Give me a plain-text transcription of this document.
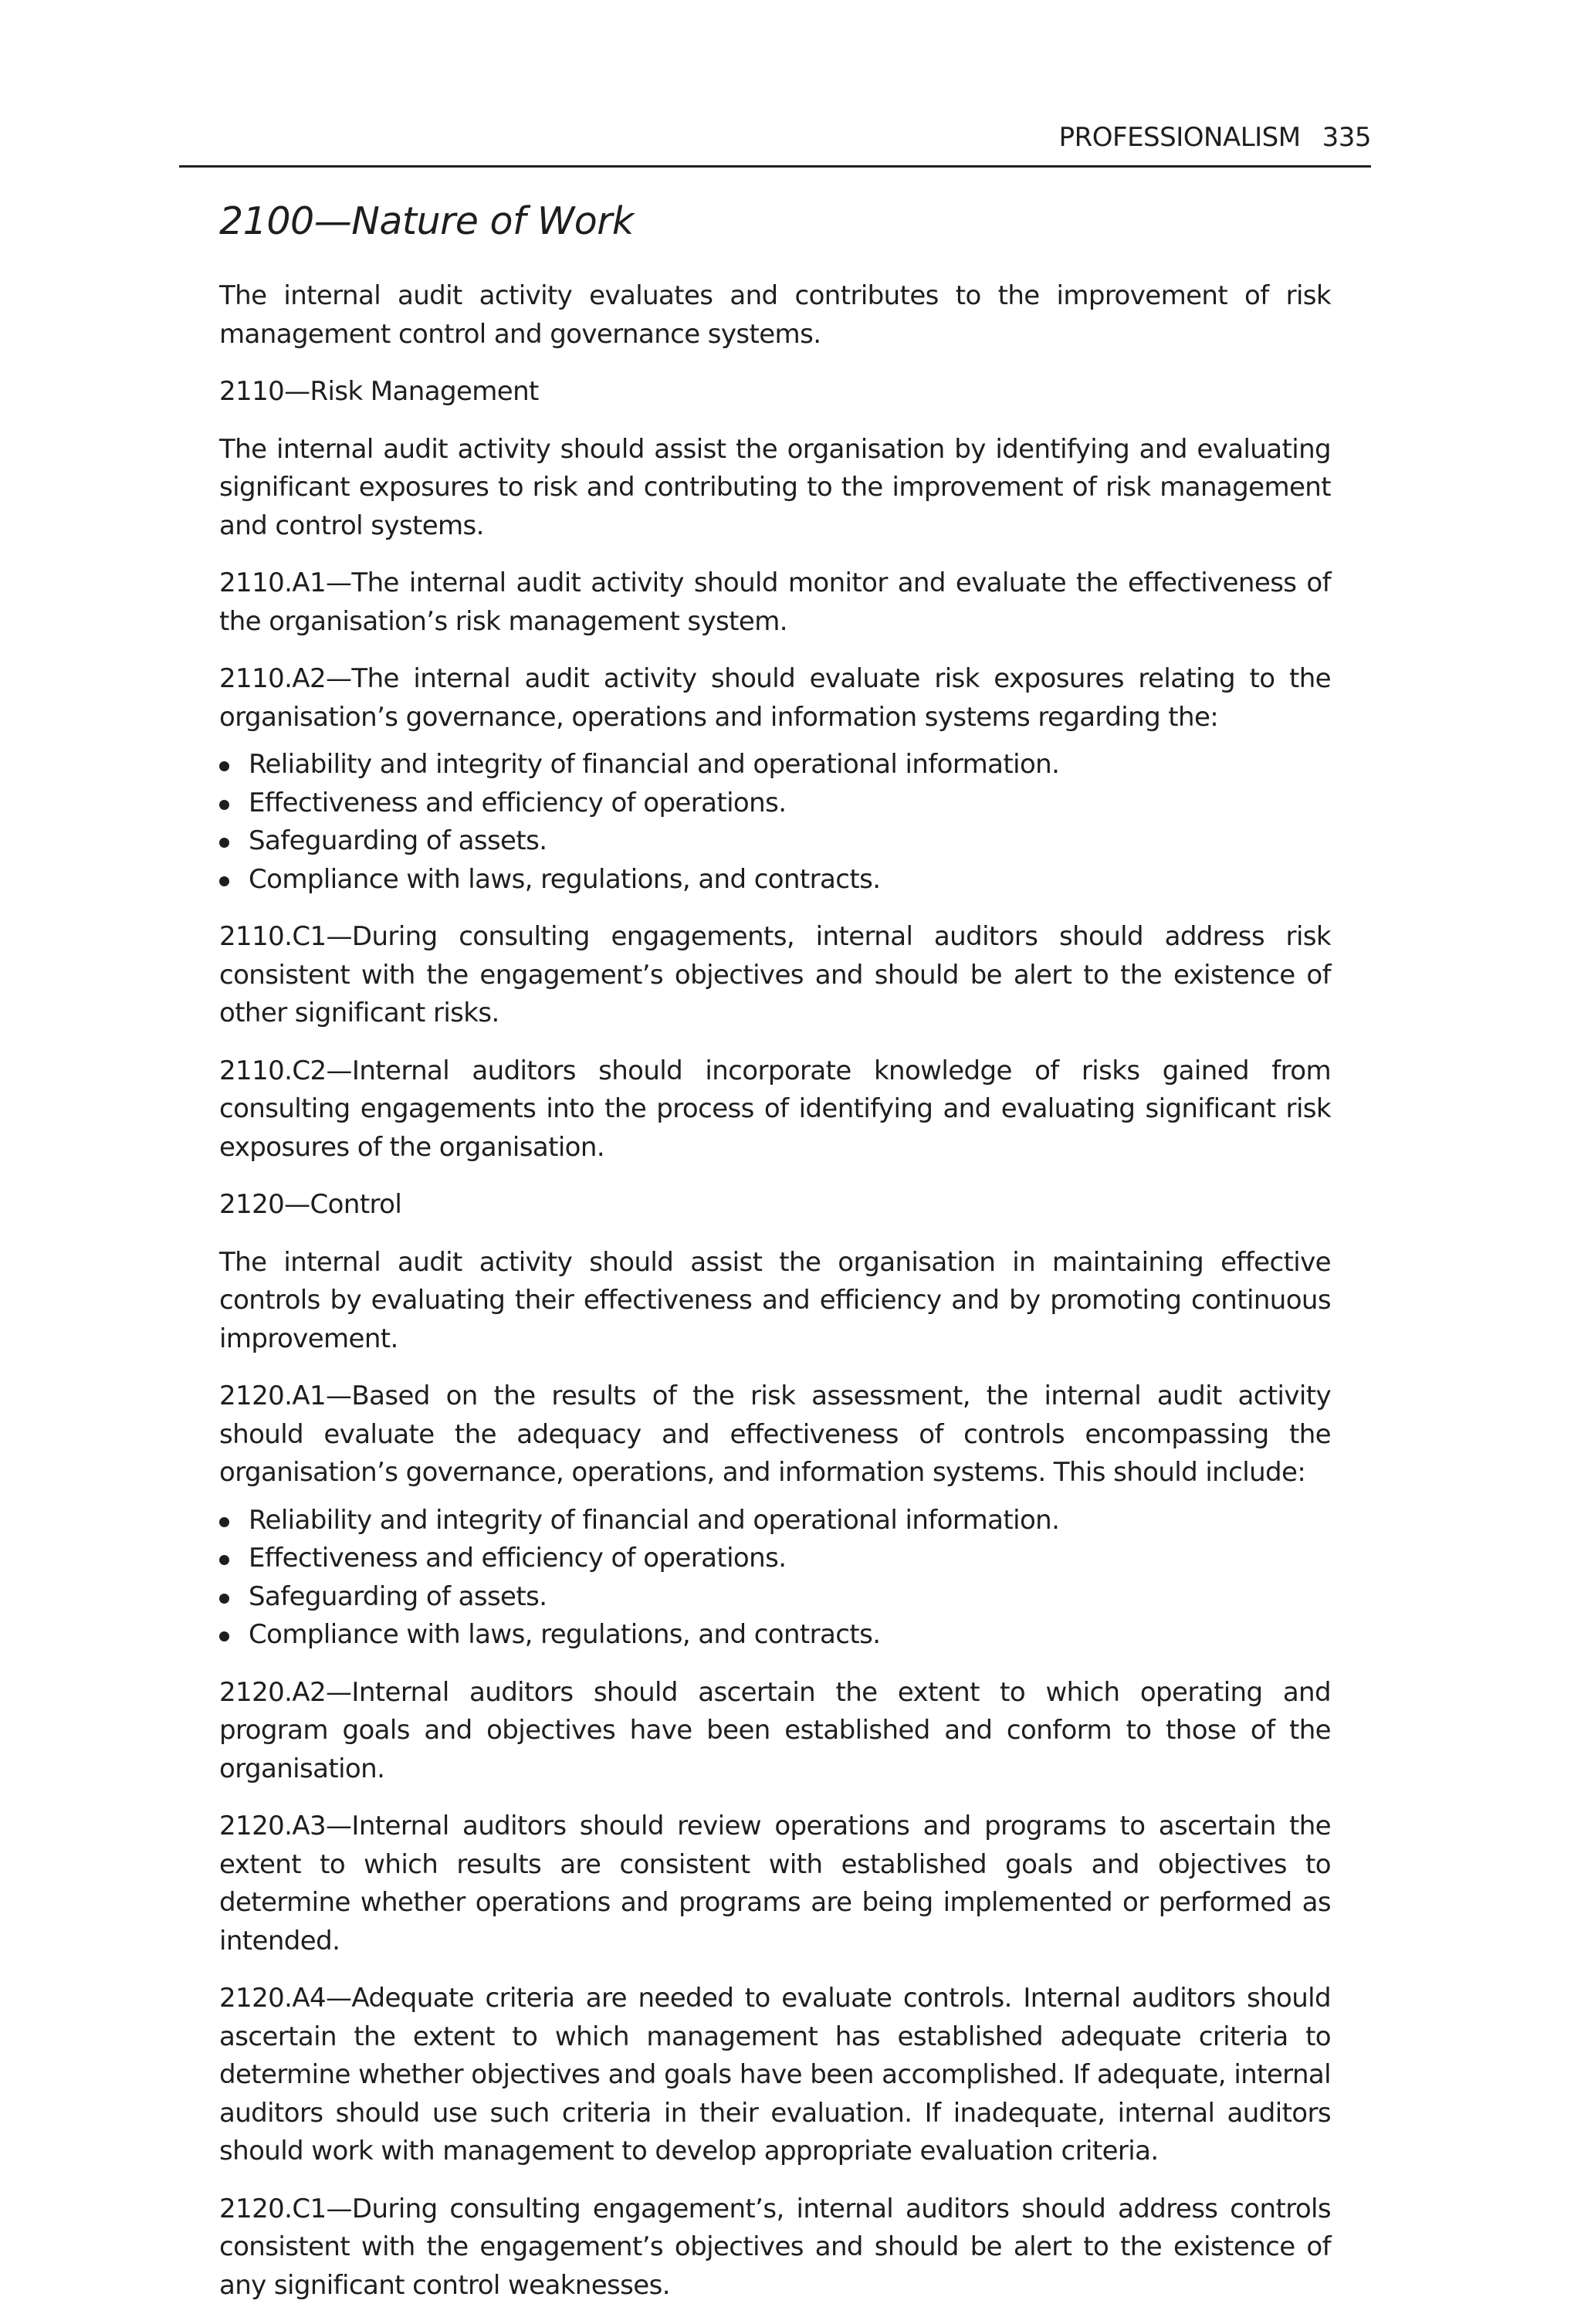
PROFESSIONALISM 335
2100—Nature of Work

The internal audit activity evaluates and contributes to the improvement of risk management control and governance systems.

2110—Risk Management

The internal audit activity should assist the organisation by identifying and evaluating significant exposures to risk and contributing to the improvement of risk management and control systems.

2110.A1—The internal audit activity should monitor and evaluate the effectiveness of the organisation’s risk management system.

2110.A2—The internal audit activity should evaluate risk exposures relating to the organisation’s governance, operations and information systems regarding the:

Reliability and integrity of financial and operational information.
Effectiveness and efficiency of operations.
Safeguarding of assets.
Compliance with laws, regulations, and contracts.

2110.C1—During consulting engagements, internal auditors should address risk consistent with the engagement’s objectives and should be alert to the existence of other significant risks.

2110.C2—Internal auditors should incorporate knowledge of risks gained from consulting engagements into the process of identifying and evaluating significant risk exposures of the organisation.

2120—Control

The internal audit activity should assist the organisation in maintaining effective controls by evaluating their effectiveness and efficiency and by promoting continuous improvement.

2120.A1—Based on the results of the risk assessment, the internal audit activity should evaluate the adequacy and effectiveness of controls encompassing the organisation’s governance, operations, and information systems. This should include:

Reliability and integrity of financial and operational information.
Effectiveness and efficiency of operations.
Safeguarding of assets.
Compliance with laws, regulations, and contracts.

2120.A2—Internal auditors should ascertain the extent to which operating and program goals and objectives have been established and conform to those of the organisation.

2120.A3—Internal auditors should review operations and programs to ascertain the extent to which results are consistent with established goals and objectives to determine whether operations and programs are being implemented or performed as intended.

2120.A4—Adequate criteria are needed to evaluate controls. Internal auditors should ascertain the extent to which management has established adequate criteria to determine whether objectives and goals have been accomplished. If adequate, internal auditors should use such criteria in their evaluation. If inadequate, internal auditors should work with management to develop appropriate evaluation criteria.

2120.C1—During consulting engagement’s, internal auditors should address controls consistent with the engagement’s objectives and should be alert to the existence of any significant control weaknesses.
